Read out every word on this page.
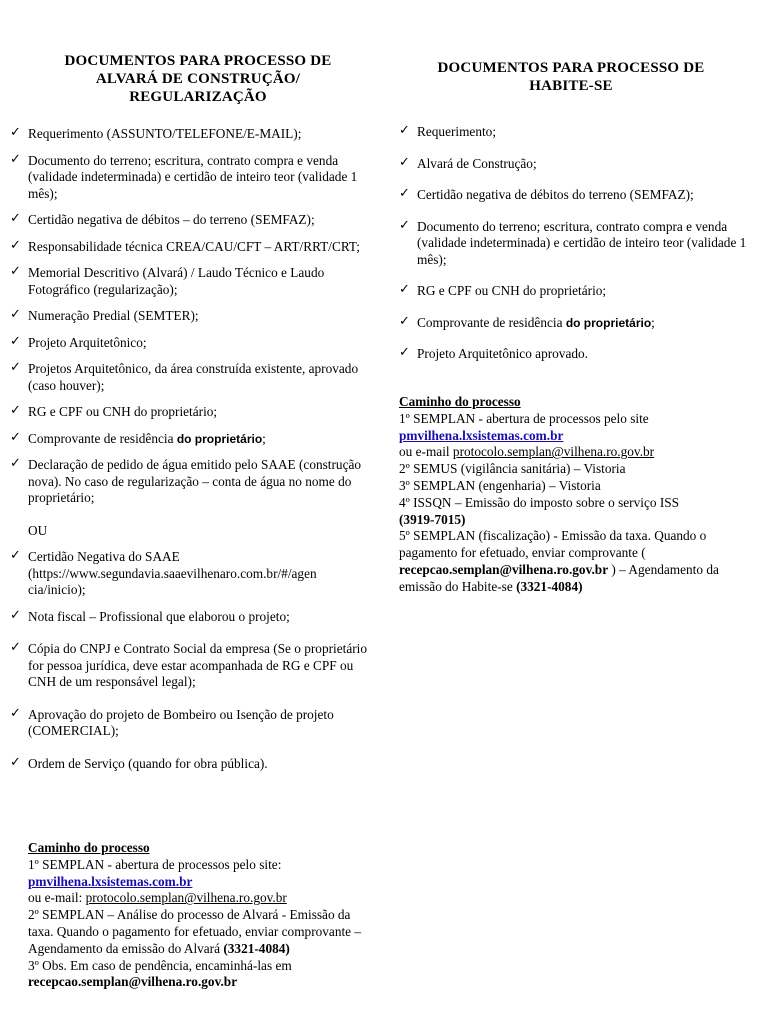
DOCUMENTOS PARA PROCESSO DE
ALVARÁ DE CONSTRUÇÃO/
REGULARIZAÇÃO
✓ Requerimento (ASSUNTO/TELEFONE/E-MAIL);
✓ Documento do terreno; escritura, contrato compra e venda (validade indeterminada) e certidão de inteiro teor (validade 1 mês);
✓ Certidão negativa de débitos – do terreno (SEMFAZ);
✓ Responsabilidade técnica CREA/CAU/CFT – ART/RRT/CRT;
✓ Memorial Descritivo (Alvará) / Laudo Técnico e Laudo Fotográfico (regularização);
✓ Numeração Predial (SEMTER);
✓ Projeto Arquitetônico;
✓ Projetos Arquitetônico, da área construída existente, aprovado (caso houver);
✓ RG e CPF ou CNH do proprietário;
✓ Comprovante de residência do proprietário;
✓ Declaração de pedido de água emitido pelo SAAE (construção nova). No caso de regularização – conta de água no nome do proprietário;
OU
✓ Certidão Negativa do SAAE (https://www.segundavia.saaevilhenaro.com.br/#/agen cia/inicio);
✓ Nota fiscal – Profissional que elaborou o projeto;
✓ Cópia do CNPJ e Contrato Social da empresa (Se o proprietário for pessoa jurídica, deve estar acompanhada de RG e CPF ou CNH de um responsável legal);
✓ Aprovação do projeto de Bombeiro ou Isenção de projeto (COMERCIAL);
✓ Ordem de Serviço (quando for obra pública).
Caminho do processo
1º SEMPLAN - abertura de processos pelo site:
pmvilhena.lxsistemas.com.br
ou e-mail: protocolo.semplan@vilhena.ro.gov.br
2º SEMPLAN – Análise do processo de Alvará - Emissão da taxa. Quando o pagamento for efetuado, enviar comprovante – Agendamento da emissão do Alvará (3321-4084)
3º Obs. Em caso de pendência, encaminhá-las em
recepcao.semplan@vilhena.ro.gov.br
DOCUMENTOS PARA PROCESSO DE
HABITE-SE
✓ Requerimento;
✓ Alvará de Construção;
✓ Certidão negativa de débitos do terreno (SEMFAZ);
✓ Documento do terreno; escritura, contrato compra e venda (validade indeterminada) e certidão de inteiro teor (validade 1 mês);
✓ RG e CPF ou CNH do proprietário;
✓ Comprovante de residência do proprietário;
✓ Projeto Arquitetônico aprovado.
Caminho do processo
1º SEMPLAN - abertura de processos pelo site
pmvilhena.lxsistemas.com.br
ou e-mail protocolo.semplan@vilhena.ro.gov.br
2º SEMUS (vigilância sanitária) – Vistoria
3º SEMPLAN (engenharia) – Vistoria
4º ISSQN – Emissão do imposto sobre o serviço ISS
(3919-7015)
5º SEMPLAN (fiscalização) - Emissão da taxa. Quando o pagamento for efetuado, enviar comprovante ( recepcao.semplan@vilhena.ro.gov.br ) – Agendamento da emissão do Habite-se (3321-4084)
